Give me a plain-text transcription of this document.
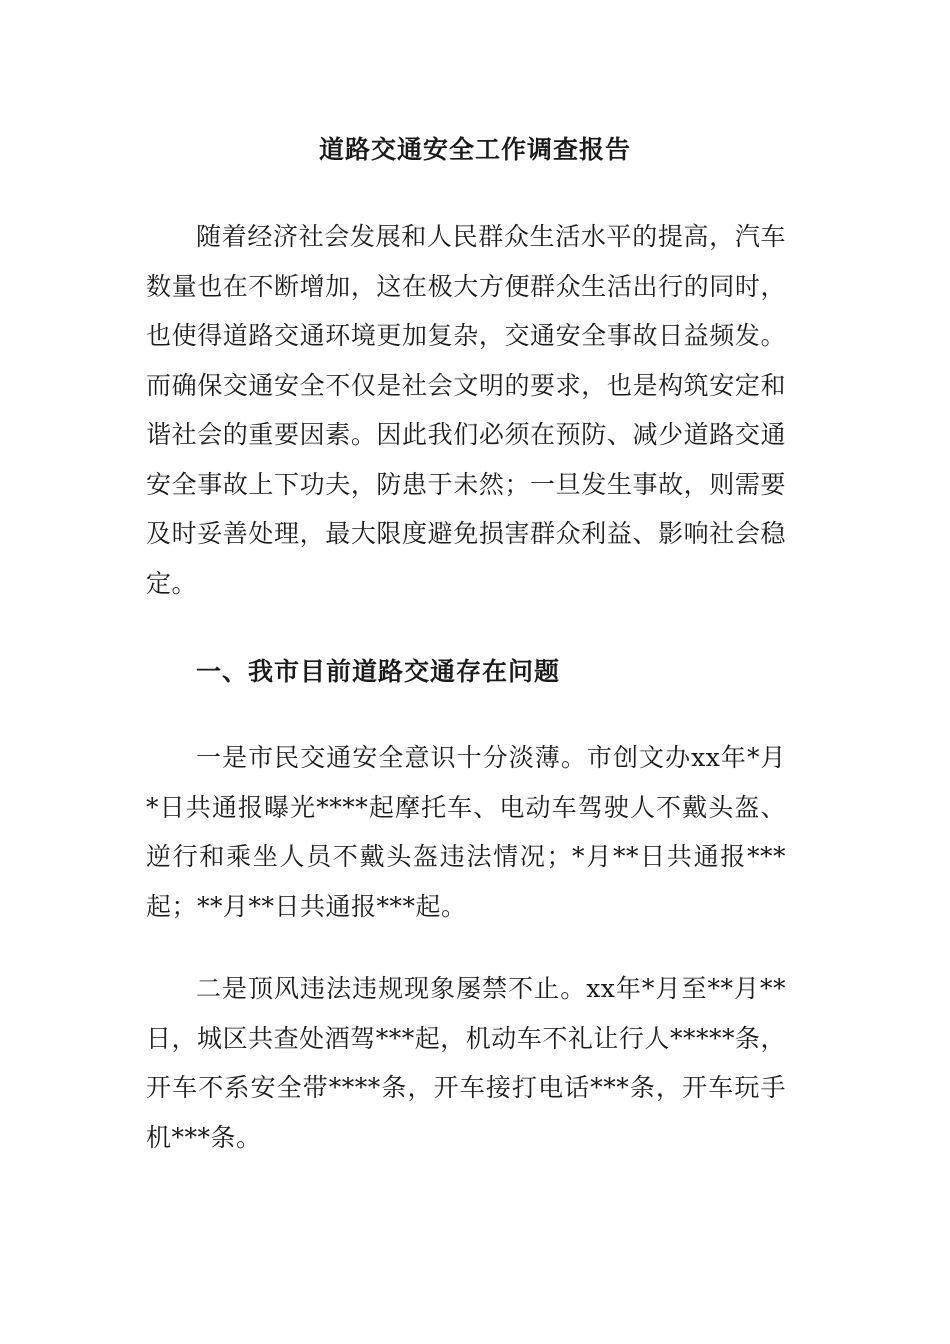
道路交通安全工作调查报告

随着经济社会发展和人民群众生活水平的提高，汽车数量也在不断增加，这在极大方便群众生活出行的同时，也使得道路交通环境更加复杂，交通安全事故日益频发。而确保交通安全不仅是社会文明的要求，也是构筑安定和谐社会的重要因素。因此我们必须在预防、减少道路交通安全事故上下功夫，防患于未然；一旦发生事故，则需要及时妥善处理，最大限度避免损害群众利益、影响社会稳定。

一、我市目前道路交通存在问题

一是市民交通安全意识十分淡薄。市创文办xx年*月*日共通报曝光****起摩托车、电动车驾驶人不戴头盔、逆行和乘坐人员不戴头盔违法情况；*月**日共通报***起；**月**日共通报***起。

二是顶风违法违规现象屡禁不止。xx年*月至**月**日，城区共查处酒驾***起，机动车不礼让行人*****条，开车不系安全带****条，开车接打电话***条，开车玩手机***条。
